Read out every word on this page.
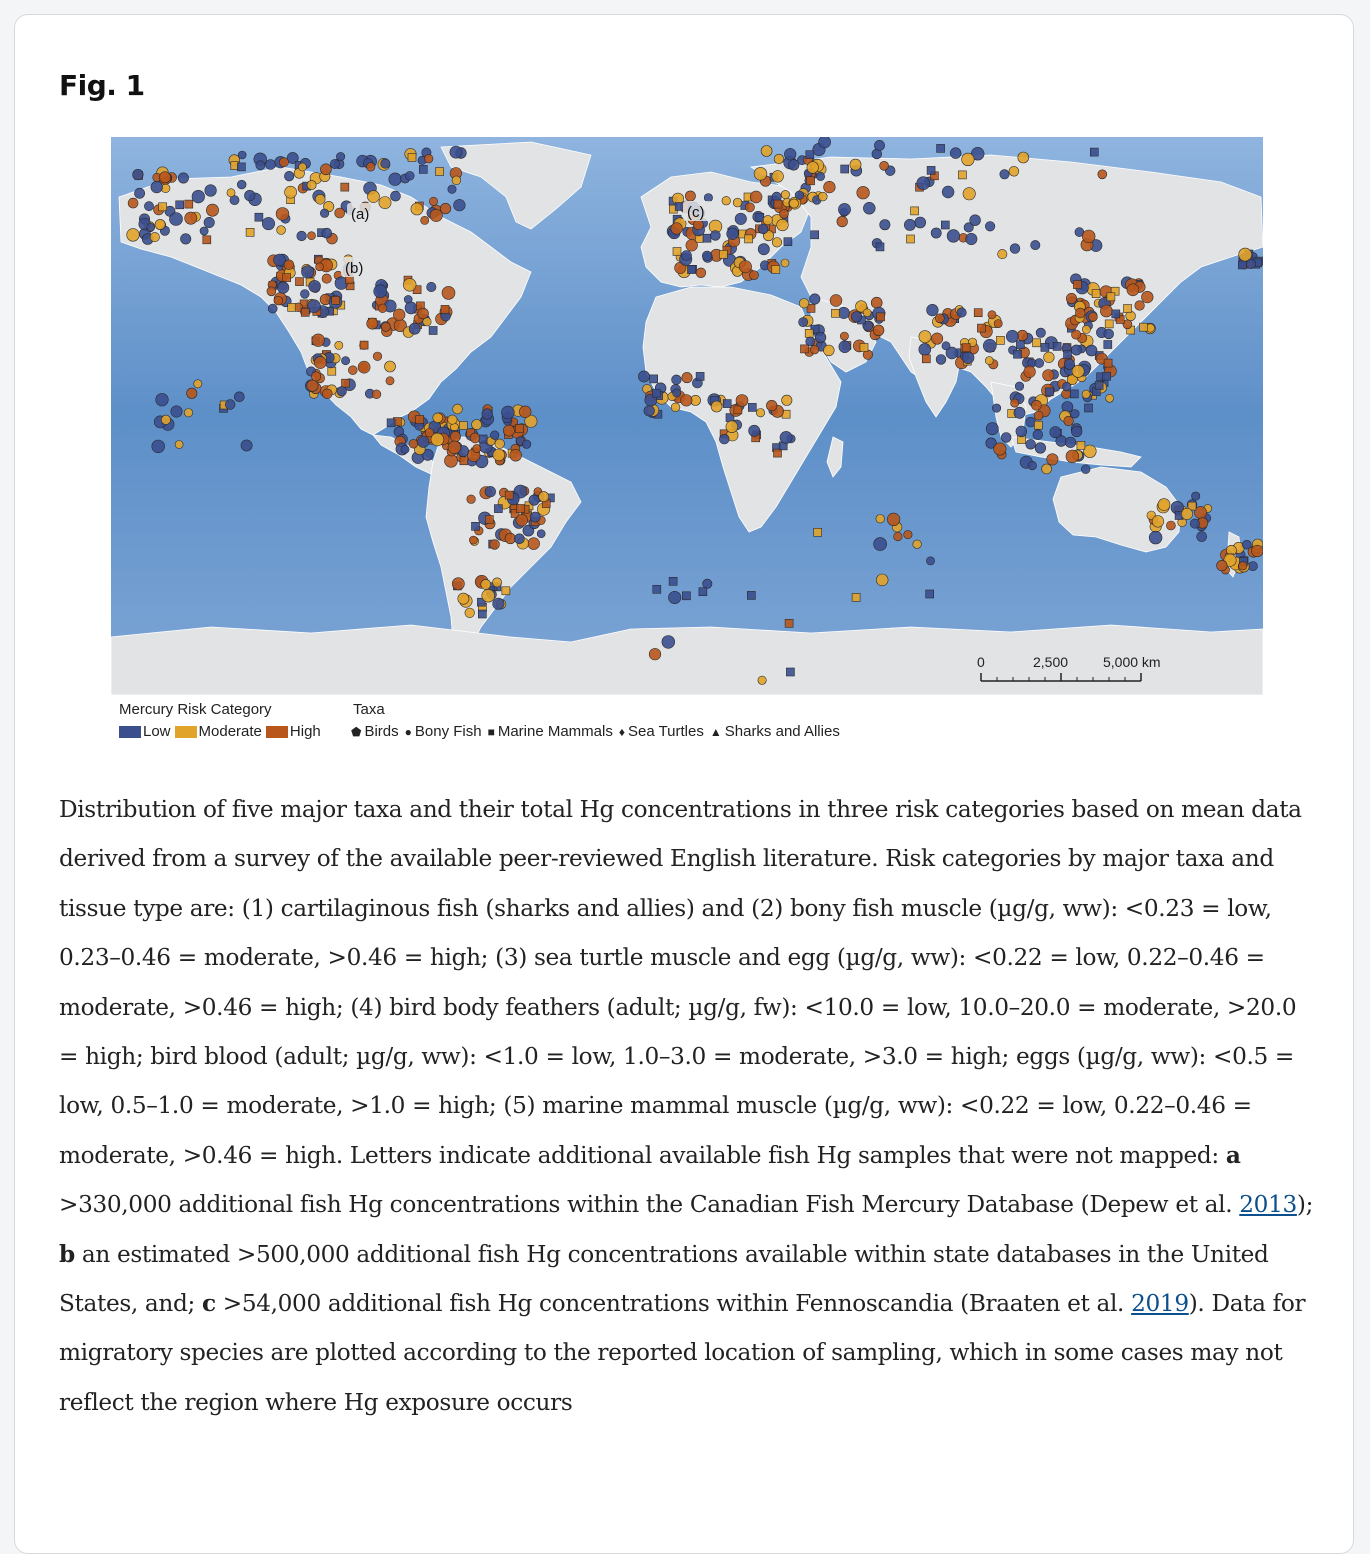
Fig. 1
(a)
(b)
(c)
0	2,500 5,000 km
Mercury Risk Category	Taxa
Low Moderate High	⬟ Birds ● Bony Fish ■ Marine Mammals ♦ Sea Turtles ▲ Sharks and Allies
Distribution of five major taxa and their total Hg concentrations in three risk categories based on mean data derived from a survey of the available peer-reviewed English literature. Risk categories by major taxa and tissue type are: (1) cartilaginous fish (sharks and allies) and (2) bony fish muscle (µg/g, ww): <0.23 = low, 0.23–0.46 = moderate, >0.46 = high; (3) sea turtle muscle and egg (µg/g, ww): <0.22 = low, 0.22–0.46 = moderate, >0.46 = high; (4) bird body feathers (adult; µg/g, fw): <10.0 = low, 10.0–20.0 = moderate, >20.0 = high; bird blood (adult; µg/g, ww): <1.0 = low, 1.0–3.0 = moderate, >3.0 = high; eggs (µg/g, ww): <0.5 = low, 0.5–1.0 = moderate, >1.0 = high; (5) marine mammal muscle (µg/g, ww): <0.22 = low, 0.22–0.46 = moderate, >0.46 = high. Letters indicate additional available fish Hg samples that were not mapped: a >330,000 additional fish Hg concentrations within the Canadian Fish Mercury Database (Depew et al. 2013); b an estimated >500,000 additional fish Hg concentrations available within state databases in the United States, and; c >54,000 additional fish Hg concentrations within Fennoscandia (Braaten et al. 2019). Data for migratory species are plotted according to the reported location of sampling, which in some cases may not reflect the region where Hg exposure occurs
